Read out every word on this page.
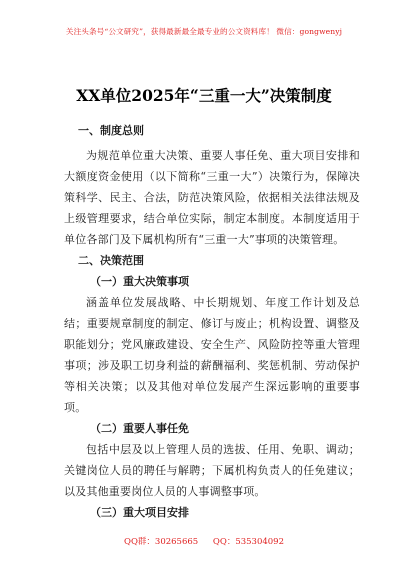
关注头条号“公文研究”，获得最新最全最专业的公文资料库！ 微信：gongwenyj
XX单位2025年“三重一大”决策制度

一、制度总则

为规范单位重大决策、重要人事任免、重大项目安排和大额度资金使用（以下简称“三重一大”）决策行为，保障决策科学、民主、合法，防范决策风险，依据相关法律法规及上级管理要求，结合单位实际，制定本制度。本制度适用于单位各部门及下属机构所有“三重一大”事项的决策管理。

二、决策范围

（一）重大决策事项

涵盖单位发展战略、中长期规划、年度工作计划及总结；重要规章制度的制定、修订与废止；机构设置、调整及职能划分；党风廉政建设、安全生产、风险防控等重大管理事项；涉及职工切身利益的薪酬福利、奖惩机制、劳动保护等相关决策；以及其他对单位发展产生深远影响的重要事项。

（二）重要人事任免

包括中层及以上管理人员的选拔、任用、免职、调动；关键岗位人员的聘任与解聘；下属机构负责人的任免建议；以及其他重要岗位人员的人事调整事项。

（三）重大项目安排

QQ群：30265665 QQ：535304092
